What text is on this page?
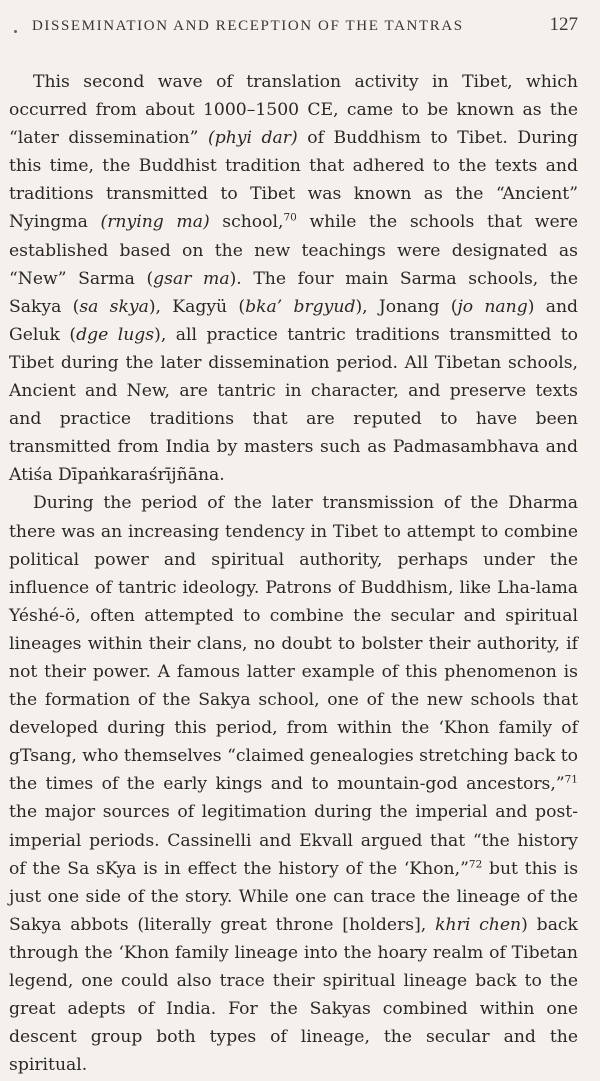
DISSEMINATION AND RECEPTION OF THE TANTRAS	127

This second wave of translation activity in Tibet, which occurred from about 1000–1500 CE, came to be known as the “later dissemination” (phyi dar) of Buddhism to Tibet. During this time, the Buddhist tradition that adhered to the texts and traditions transmitted to Tibet was known as the “Ancient” Nyingma (rnying ma) school,$^{70}$ while the schools that were established based on the new teachings were designated as “New” Sarma (gsar ma). The four main Sarma schools, the Sakya (sa skya), Kagyü (bka’ brgyud), Jonang (jo nang) and Geluk (dge lugs), all practice tantric traditions transmitted to Tibet during the later dissemination period. All Tibetan schools, Ancient and New, are tantric in character, and preserve texts and practice traditions that are reputed to have been transmitted from India by masters such as Padmasambhava and Atiśa Dīpaṅkaraśrījñāna.

During the period of the later transmission of the Dharma there was an increasing tendency in Tibet to attempt to combine political power and spiritual authority, perhaps under the influence of tantric ideology. Patrons of Buddhism, like Lha-lama Yéshé-ö, often attempted to combine the secular and spiritual lineages within their clans, no doubt to bolster their authority, if not their power. A famous latter example of this phenomenon is the formation of the Sakya school, one of the new schools that developed during this period, from within the ‘Khon family of gTsang, who themselves “claimed genealogies stretching back to the times of the early kings and to mountain-god ancestors,”$^{71}$ the major sources of legitimation during the imperial and post-imperial periods. Cassinelli and Ekvall argued that “the history of the Sa sKya is in effect the history of the ‘Khon,”$^{72}$ but this is just one side of the story. While one can trace the lineage of the Sakya abbots (literally great throne [holders], khri chen) back through the ‘Khon family lineage into the hoary realm of Tibetan legend, one could also trace their spiritual lineage back to the great adepts of India. For the Sakyas combined within one descent group both types of lineage, the secular and the spiritual.
